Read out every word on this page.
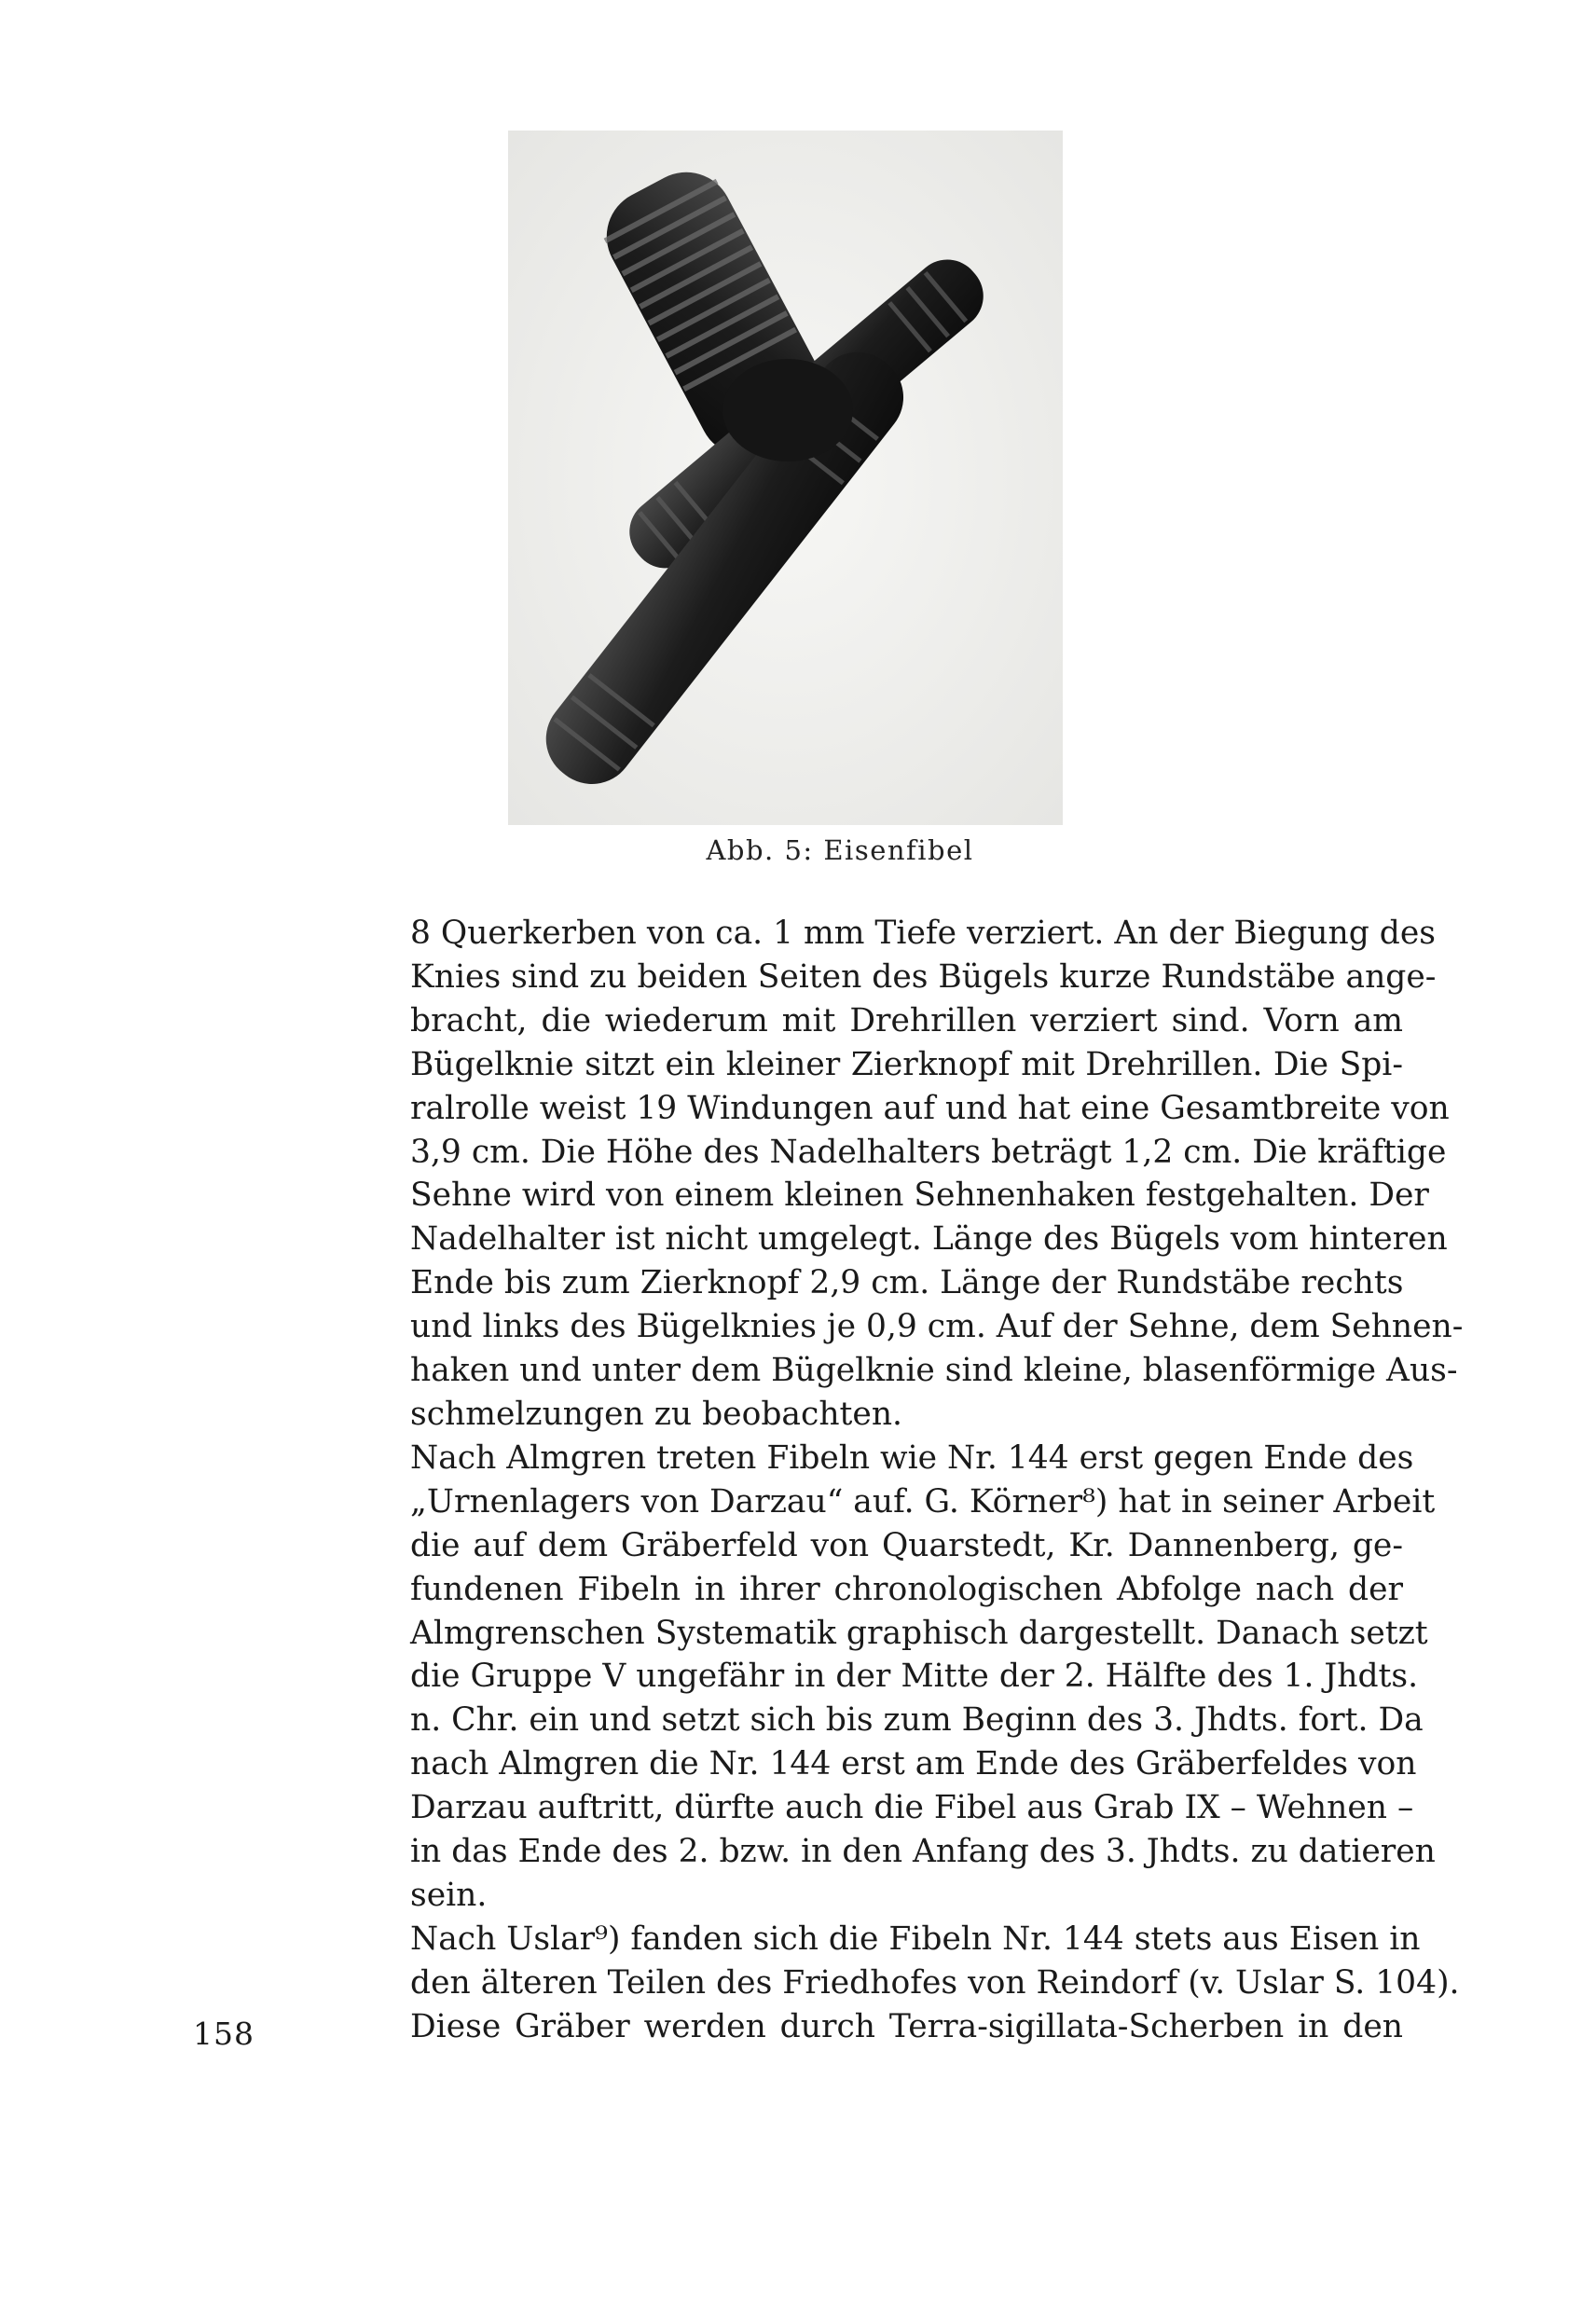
Abb. 5: Eisenfibel
8 Querkerben von ca. 1 mm Tiefe verziert. An der Biegung des
Knies sind zu beiden Seiten des Bügels kurze Rundstäbe ange-
bracht, die wiederum mit Drehrillen verziert sind. Vorn am
Bügelknie sitzt ein kleiner Zierknopf mit Drehrillen. Die Spi-
ralrolle weist 19 Windungen auf und hat eine Gesamtbreite von
3,9 cm. Die Höhe des Nadelhalters beträgt 1,2 cm. Die kräftige
Sehne wird von einem kleinen Sehnenhaken festgehalten. Der
Nadelhalter ist nicht umgelegt. Länge des Bügels vom hinteren
Ende bis zum Zierknopf 2,9 cm. Länge der Rundstäbe rechts
und links des Bügelknies je 0,9 cm. Auf der Sehne, dem Sehnen-
haken und unter dem Bügelknie sind kleine, blasenförmige Aus-
schmelzungen zu beobachten.
Nach Almgren treten Fibeln wie Nr. 144 erst gegen Ende des
„Urnenlagers von Darzau“ auf. G. Körner⁸) hat in seiner Arbeit
die auf dem Gräberfeld von Quarstedt, Kr. Dannenberg, ge-
fundenen Fibeln in ihrer chronologischen Abfolge nach der
Almgrenschen Systematik graphisch dargestellt. Danach setzt
die Gruppe V ungefähr in der Mitte der 2. Hälfte des 1. Jhdts.
n. Chr. ein und setzt sich bis zum Beginn des 3. Jhdts. fort. Da
nach Almgren die Nr. 144 erst am Ende des Gräberfeldes von
Darzau auftritt, dürfte auch die Fibel aus Grab IX – Wehnen –
in das Ende des 2. bzw. in den Anfang des 3. Jhdts. zu datieren
sein.
Nach Uslar⁹) fanden sich die Fibeln Nr. 144 stets aus Eisen in
den älteren Teilen des Friedhofes von Reindorf (v. Uslar S. 104).
Diese Gräber werden durch Terra-sigillata-Scherben in den
158
